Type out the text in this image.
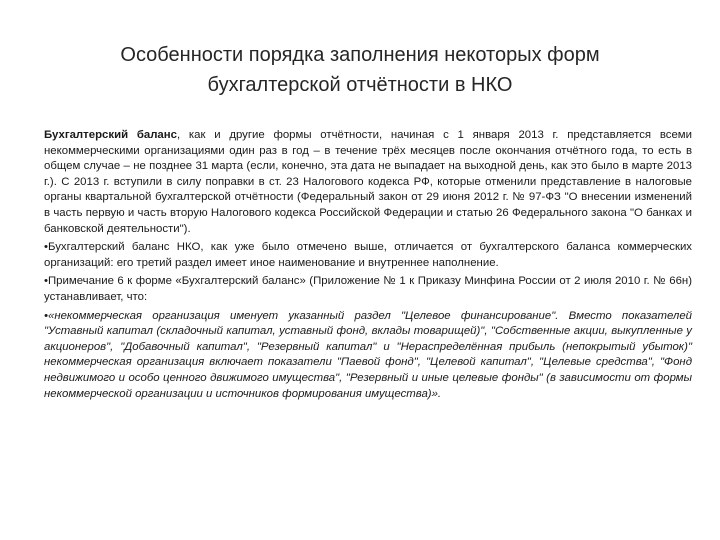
Особенности порядка заполнения некоторых форм
бухгалтерской отчётности в НКО

Бухгалтерский баланс, как и другие формы отчётности, начиная с 1 января 2013 г. представляется всеми некоммерческими организациями один раз в год – в течение трёх месяцев после окончания отчётного года, то есть в общем случае – не позднее 31 марта (если, конечно, эта дата не выпадает на выходной день, как это было в марте 2013 г.). С 2013 г. вступили в силу поправки в ст. 23 Налогового кодекса РФ, которые отменили представление в налоговые органы квартальной бухгалтерской отчётности (Федеральный закон от 29 июня 2012 г. № 97-ФЗ "О внесении изменений в часть первую и часть вторую Налогового кодекса Российской Федерации и статью 26 Федерального закона "О банках и банковской деятельности").

•Бухгалтерский баланс НКО, как уже было отмечено выше, отличается от бухгалтерского баланса коммерческих организаций: его третий раздел имеет иное наименование и внутреннее наполнение.

•Примечание 6 к форме «Бухгалтерский баланс» (Приложение № 1 к Приказу Минфина России от 2 июля 2010 г. № 66н) устанавливает, что:

•«некоммерческая организация именует указанный раздел "Целевое финансирование". Вместо показателей "Уставный капитал (складочный капитал, уставный фонд, вклады товарищей)", "Собственные акции, выкупленные у акционеров", "Добавочный капитал", "Резервный капитал" и "Нераспределённая прибыль (непокрытый убыток)" некоммерческая организация включает показатели "Паевой фонд", "Целевой капитал", "Целевые средства", "Фонд недвижимого и особо ценного движимого имущества", "Резервный и иные целевые фонды" (в зависимости от формы некоммерческой организации и источников формирования имущества)».
